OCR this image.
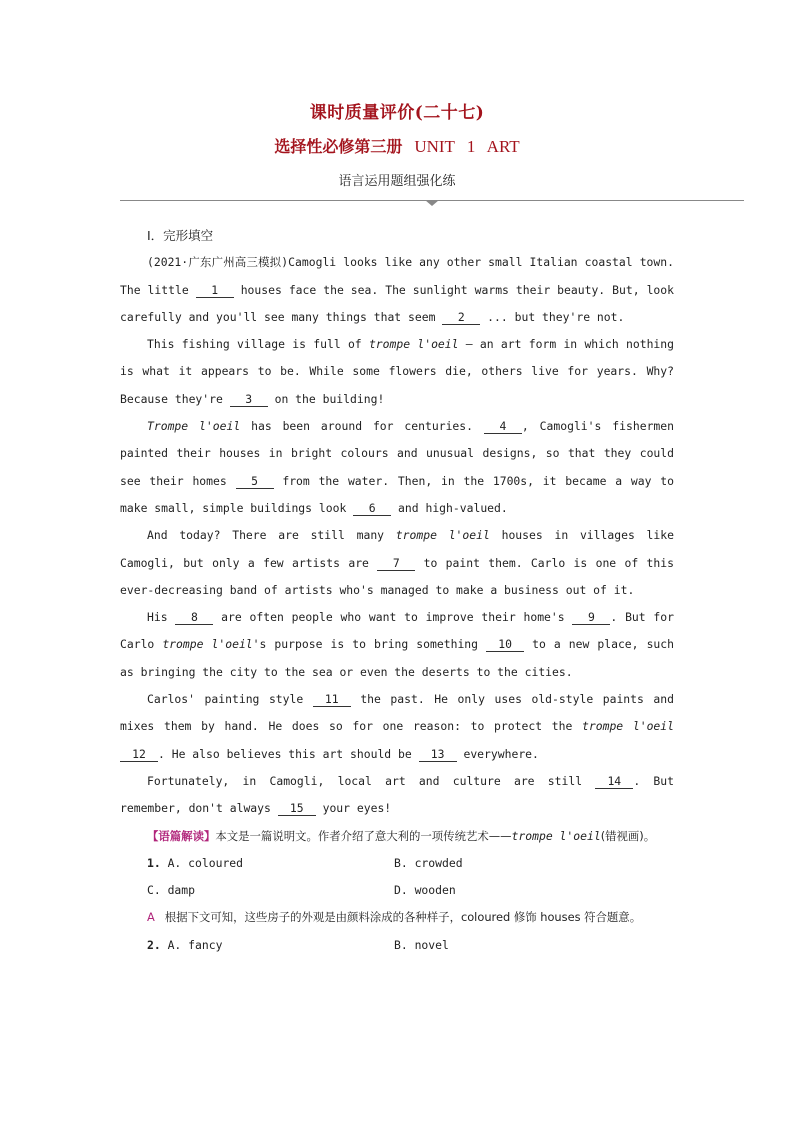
课时质量评价(二十七)
选择性必修第三册 UNIT 1 ART
语言运用题组强化练

Ⅰ．完形填空

(2021·广东广州高三模拟)Camogli looks like any other small Italian coastal town. The little 1 houses face the sea. The sunlight warms their beauty. But, look carefully and you'll see many things that seem 2 ... but they're not.

This fishing village is full of trompe l'oeil — an art form in which nothing is what it appears to be. While some flowers die, others live for years. Why? Because they're 3 on the building!

Trompe l'oeil has been around for centuries. 4 , Camogli's fishermen painted their houses in bright colours and unusual designs, so that they could see their homes 5 from the water. Then, in the 1700s, it became a way to make small, simple buildings look 6 and high-valued.

And today? There are still many trompe l'oeil houses in villages like Camogli, but only a few artists are 7 to paint them. Carlo is one of this ever-decreasing band of artists who's managed to make a business out of it.

His 8 are often people who want to improve their home's 9 . But for Carlo trompe l'oeil's purpose is to bring something 10 to a new place, such as bringing the city to the sea or even the deserts to the cities.

Carlos' painting style 11 the past. He only uses old-style paints and mixes them by hand. He does so for one reason: to protect the trompe l'oeil 12 . He also believes this art should be 13 everywhere.

Fortunately, in Camogli, local art and culture are still 14 . But remember, don't always 15 your eyes!

【语篇解读】本文是一篇说明文。作者介绍了意大利的一项传统艺术——trompe l'oeil(错视画)。

1. A. coloured	B. crowded
C. damp	D. wooden

A 根据下文可知，这些房子的外观是由颜料涂成的各种样子，coloured 修饰 houses 符合题意。

2. A. fancy	B. novel
